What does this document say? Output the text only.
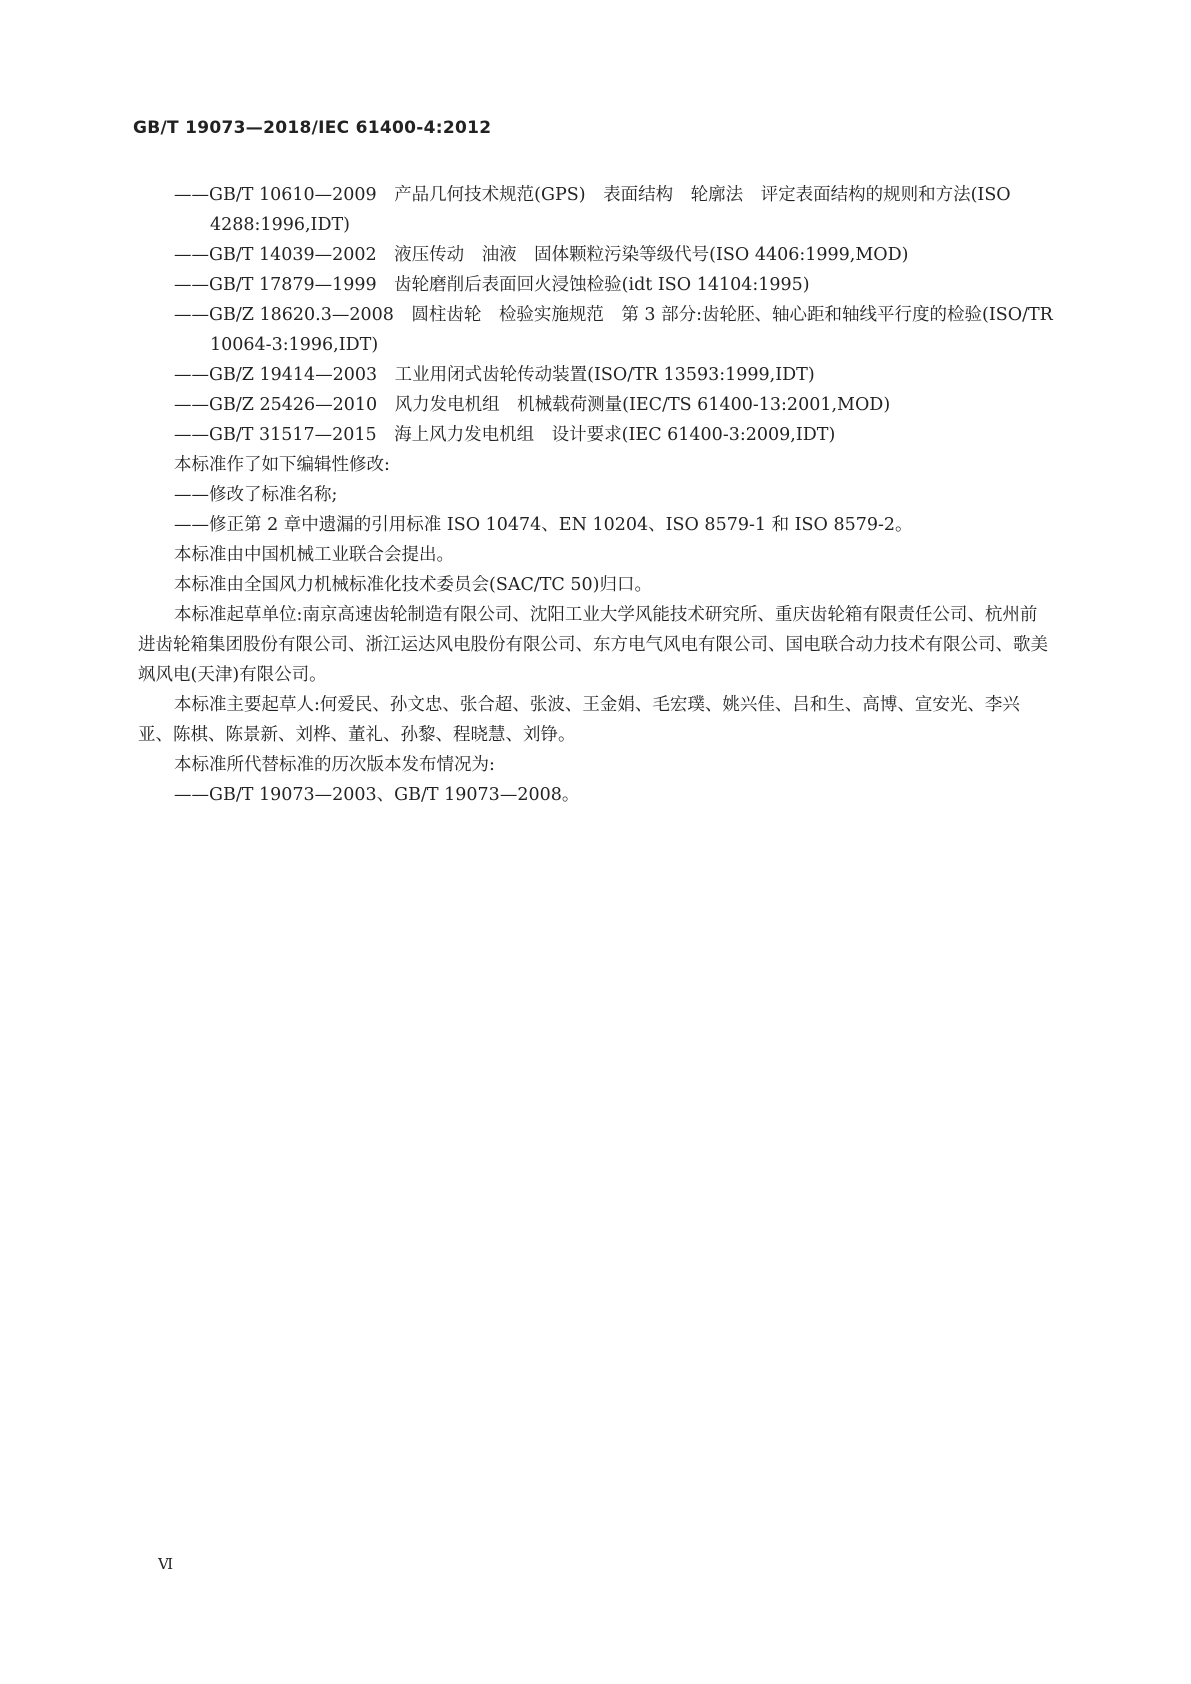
GB/T 19073—2018/IEC 61400-4:2012
——GB/T 10610—2009　产品几何技术规范(GPS)　表面结构　轮廓法　评定表面结构的规则和方法(ISO 4288:1996,IDT)
——GB/T 14039—2002　液压传动　油液　固体颗粒污染等级代号(ISO 4406:1999,MOD)
——GB/T 17879—1999　齿轮磨削后表面回火浸蚀检验(idt ISO 14104:1995)
——GB/Z 18620.3—2008　圆柱齿轮　检验实施规范　第 3 部分:齿轮胚、轴心距和轴线平行度的检验(ISO/TR 10064-3:1996,IDT)
——GB/Z 19414—2003　工业用闭式齿轮传动装置(ISO/TR 13593:1999,IDT)
——GB/Z 25426—2010　风力发电机组　机械载荷测量(IEC/TS 61400-13:2001,MOD)
——GB/T 31517—2015　海上风力发电机组　设计要求(IEC 61400-3:2009,IDT)
本标准作了如下编辑性修改:
——修改了标准名称;
——修正第 2 章中遗漏的引用标准 ISO 10474、EN 10204、ISO 8579-1 和 ISO 8579-2。
本标准由中国机械工业联合会提出。
本标准由全国风力机械标准化技术委员会(SAC/TC 50)归口。
本标准起草单位:南京高速齿轮制造有限公司、沈阳工业大学风能技术研究所、重庆齿轮箱有限责任公司、杭州前进齿轮箱集团股份有限公司、浙江运达风电股份有限公司、东方电气风电有限公司、国电联合动力技术有限公司、歌美飒风电(天津)有限公司。
本标准主要起草人:何爱民、孙文忠、张合超、张波、王金娟、毛宏璞、姚兴佳、吕和生、高博、宣安光、李兴亚、陈棋、陈景新、刘桦、董礼、孙黎、程晓慧、刘铮。
本标准所代替标准的历次版本发布情况为:
——GB/T 19073—2003、GB/T 19073—2008。
Ⅵ
